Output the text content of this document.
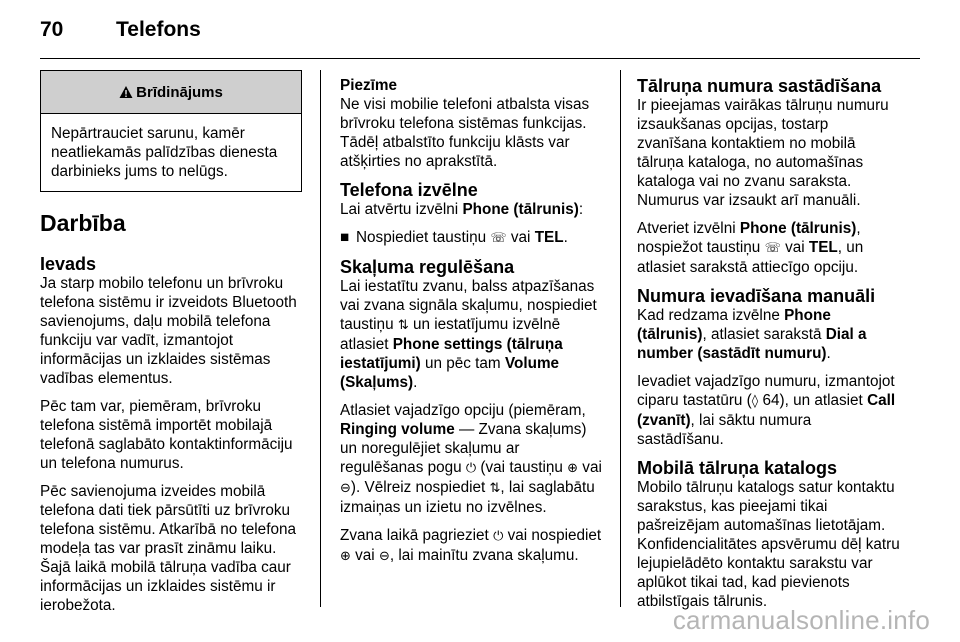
70	Telefons
Brīdinājums
Nepārtrauciet sarunu, kamēr neatliekamās palīdzības dienesta darbinieks jums to nelūgs.
Darbība
Ievads

Ja starp mobilo telefonu un brīvroku telefona sistēmu ir izveidots Bluetooth savienojums, daļu mobilā telefona funkciju var vadīt, izmantojot informācijas un izklaides sistēmas vadības elementus.

Pēc tam var, piemēram, brīvroku telefona sistēmā importēt mobilajā telefonā saglabāto kontaktinformāciju un telefona numurus.

Pēc savienojuma izveides mobilā telefona dati tiek pārsūtīti uz brīvroku telefona sistēmu. Atkarībā no telefona modeļa tas var prasīt zināmu laiku. Šajā laikā mobilā tālruņa vadība caur informācijas un izklaides sistēmu ir ierobežota.

Piezīme

Ne visi mobilie telefoni atbalsta visas brīvroku telefona sistēmas funkcijas. Tādēļ atbalstīto funkciju klāsts var atšķirties no aprakstītā.

Telefona izvēlne

Lai atvērtu izvēlni Phone (tālrunis):

■ Nospiediet taustiņu ☏ vai TEL.

Skaļuma regulēšana

Lai iestatītu zvanu, balss atpazīšanas vai zvana signāla skaļumu, nospiediet taustiņu ⇅ un iestatījumu izvēlnē atlasiet Phone settings (tālruņa iestatījumi) un pēc tam Volume (Skaļums).

Atlasiet vajadzīgo opciju (piemēram, Ringing volume — Zvana skaļums) un noregulējiet skaļumu ar regulēšanas pogu ⏻ (vai taustiņu ⊕ vai ⊖). Vēlreiz nospiediet ⇅, lai saglabātu izmaiņas un izietu no izvēlnes.

Zvana laikā pagrieziet ⏻ vai nospiediet ⊕ vai ⊖, lai mainītu zvana skaļumu.

Tālruņa numura sastādīšana

Ir pieejamas vairākas tālruņu numuru izsaukšanas opcijas, tostarp zvanīšana kontaktiem no mobilā tālruņa kataloga, no automašīnas kataloga vai no zvanu saraksta. Numurus var izsaukt arī manuāli.

Atveriet izvēlni Phone (tālrunis), nospiežot taustiņu ☏ vai TEL, un atlasiet sarakstā attiecīgo opciju.

Numura ievadīšana manuāli

Kad redzama izvēlne Phone (tālrunis), atlasiet sarakstā Dial a number (sastādīt numuru).

Ievadiet vajadzīgo numuru, izmantojot ciparu tastatūru (◊ 64), un atlasiet Call (zvanīt), lai sāktu numura sastādīšanu.

Mobilā tālruņa katalogs

Mobilo tālruņu katalogs satur kontaktu sarakstus, kas pieejami tikai pašreizējam automašīnas lietotājam. Konfidencialitātes apsvērumu dēļ katru lejupielādēto kontaktu sarakstu var aplūkot tikai tad, kad pievienots atbilstīgais tālrunis.

carmanualsonline.info
